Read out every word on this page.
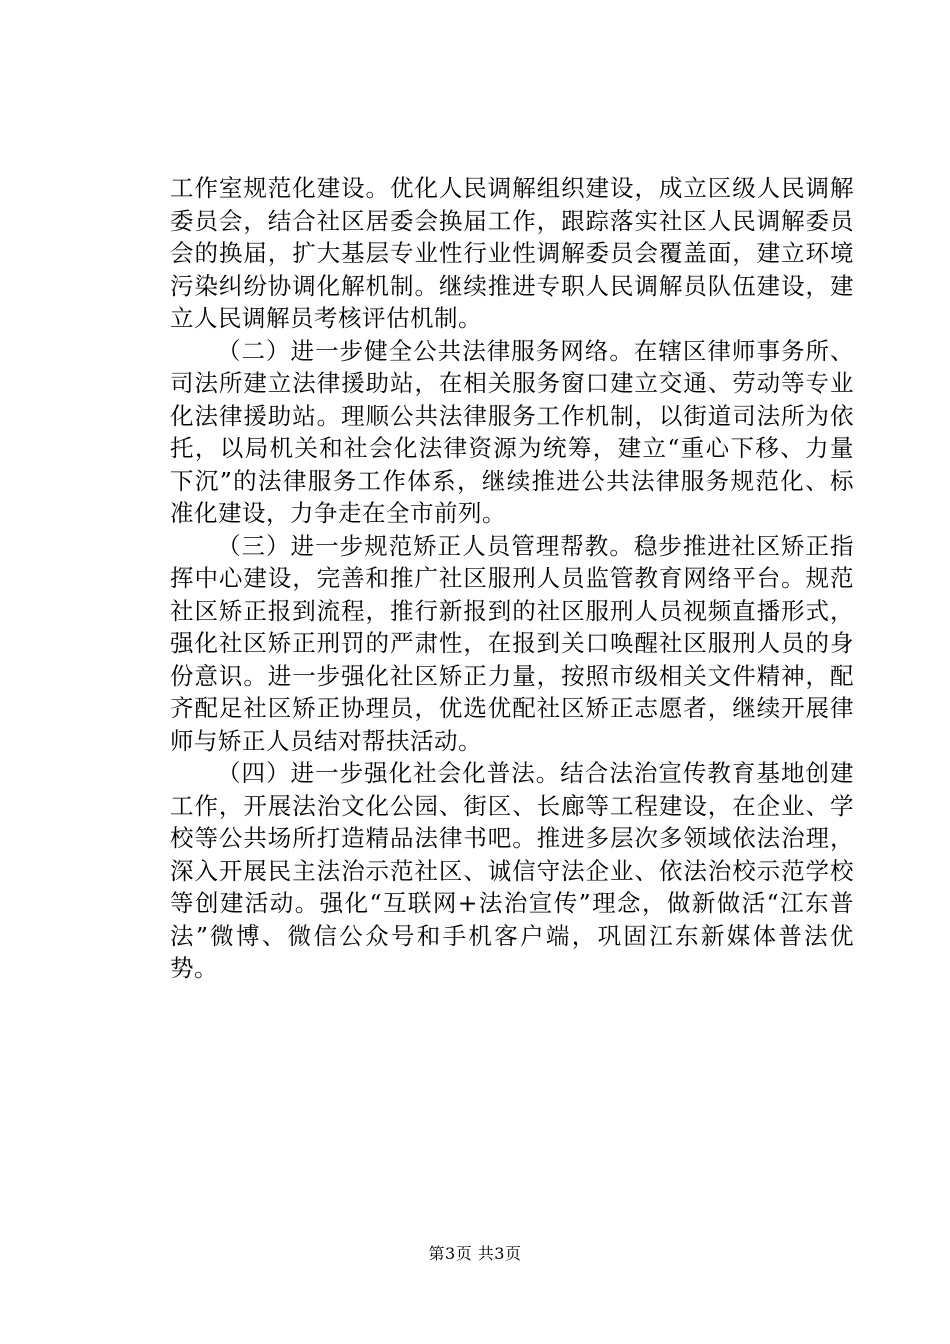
工作室规范化建设。优化人民调解组织建设，成立区级人民调解委员会，结合社区居委会换届工作，跟踪落实社区人民调解委员会的换届，扩大基层专业性行业性调解委员会覆盖面，建立环境污染纠纷协调化解机制。继续推进专职人民调解员队伍建设，建立人民调解员考核评估机制。

（二）进一步健全公共法律服务网络。在辖区律师事务所、司法所建立法律援助站，在相关服务窗口建立交通、劳动等专业化法律援助站。理顺公共法律服务工作机制，以街道司法所为依托，以局机关和社会化法律资源为统筹，建立“重心下移、力量下沉”的法律服务工作体系，继续推进公共法律服务规范化、标准化建设，力争走在全市前列。

（三）进一步规范矫正人员管理帮教。稳步推进社区矫正指挥中心建设，完善和推广社区服刑人员监管教育网络平台。规范社区矫正报到流程，推行新报到的社区服刑人员视频直播形式，强化社区矫正刑罚的严肃性，在报到关口唤醒社区服刑人员的身份意识。进一步强化社区矫正力量，按照市级相关文件精神，配齐配足社区矫正协理员，优选优配社区矫正志愿者，继续开展律师与矫正人员结对帮扶活动。

（四）进一步强化社会化普法。结合法治宣传教育基地创建工作，开展法治文化公园、街区、长廊等工程建设，在企业、学校等公共场所打造精品法律书吧。推进多层次多领域依法治理，深入开展民主法治示范社区、诚信守法企业、依法治校示范学校等创建活动。强化“互联网+法治宣传”理念，做新做活“江东普法”微博、微信公众号和手机客户端，巩固江东新媒体普法优势。

第3页 共3页
